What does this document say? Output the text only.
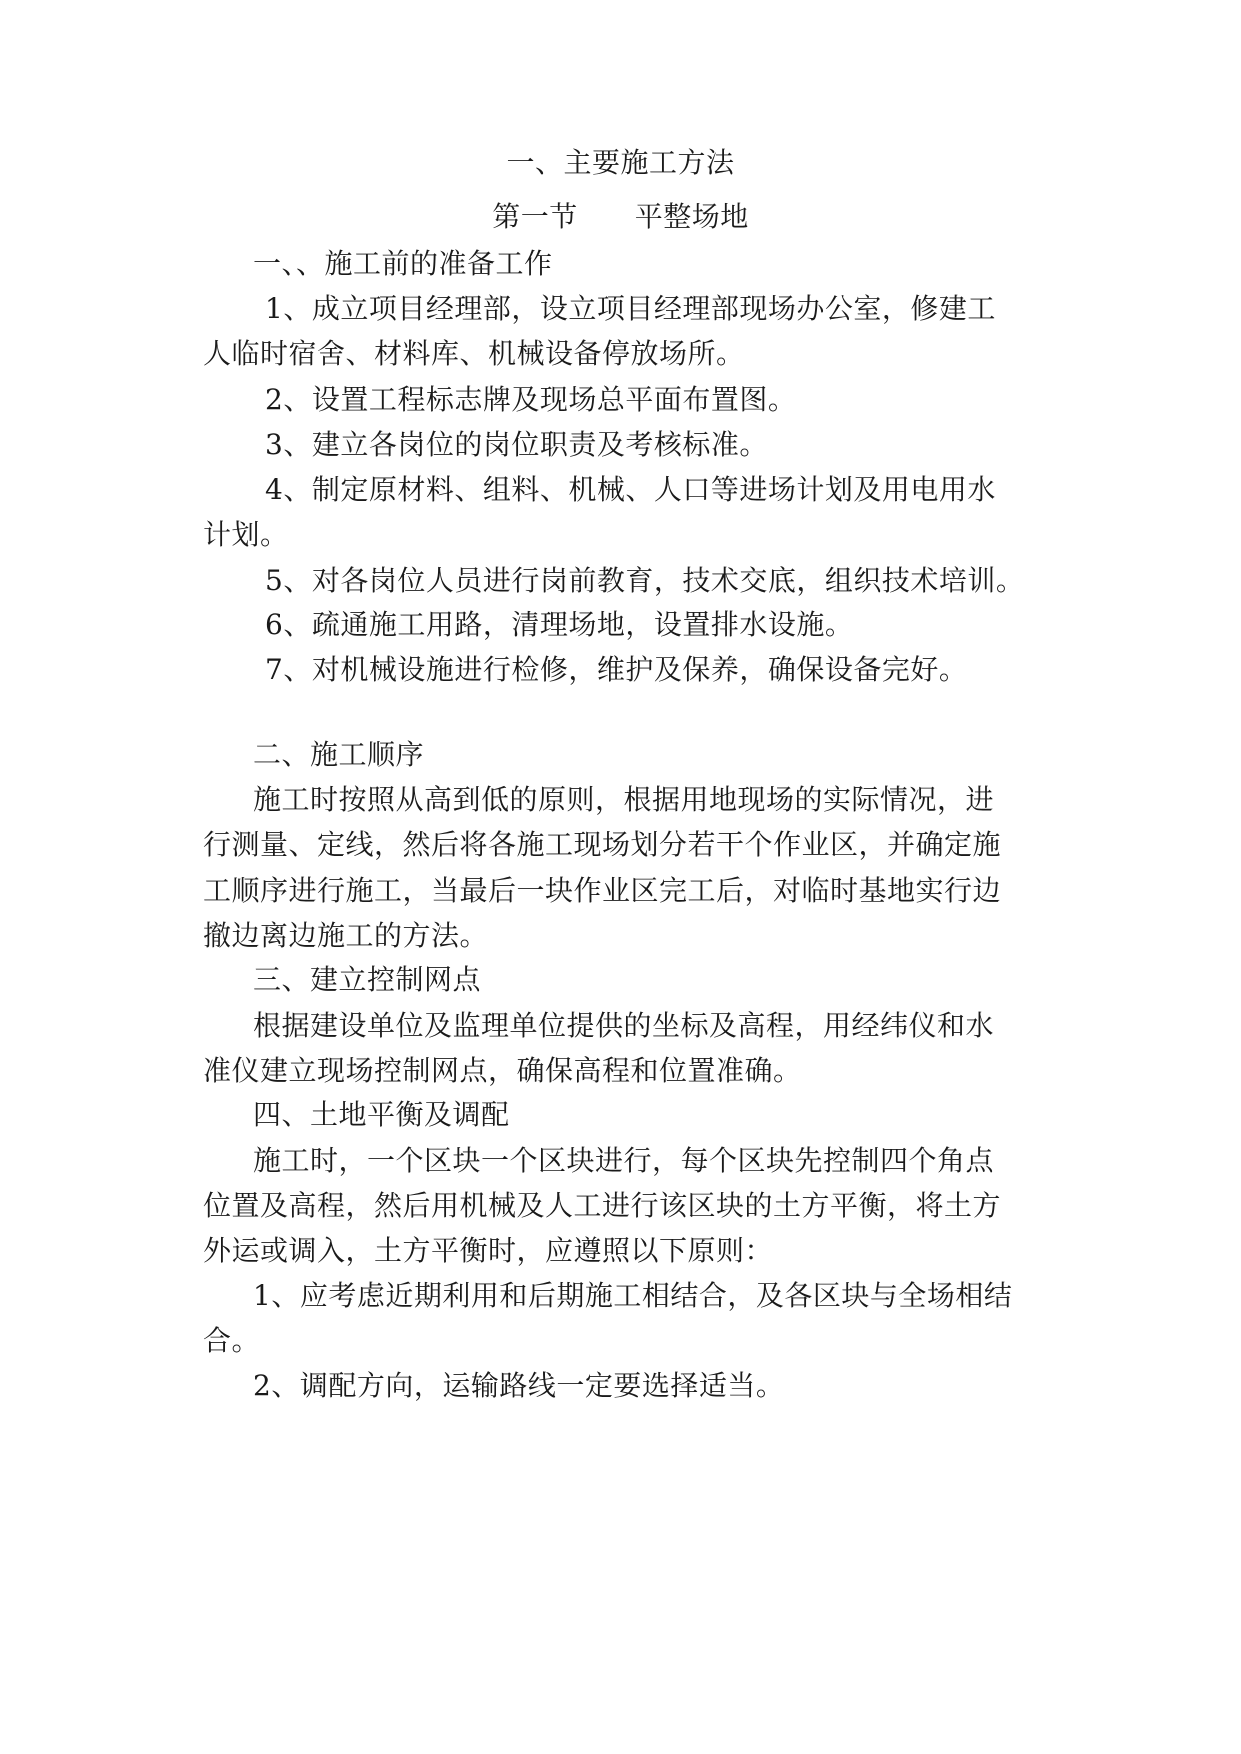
一、主要施工方法

第一节　　平整场地

一、、施工前的准备工作

1、成立项目经理部，设立项目经理部现场办公室，修建工

人临时宿舍、材料库、机械设备停放场所。

2、设置工程标志牌及现场总平面布置图。

3、建立各岗位的岗位职责及考核标准。

4、制定原材料、组料、机械、人口等进场计划及用电用水

计划。

5、对各岗位人员进行岗前教育，技术交底，组织技术培训。

6、疏通施工用路，清理场地，设置排水设施。

7、对机械设施进行检修，维护及保养，确保设备完好。

二、施工顺序

施工时按照从高到低的原则，根据用地现场的实际情况，进

行测量、定线，然后将各施工现场划分若干个作业区，并确定施

工顺序进行施工，当最后一块作业区完工后，对临时基地实行边

撤边离边施工的方法。

三、建立控制网点

根据建设单位及监理单位提供的坐标及高程，用经纬仪和水

准仪建立现场控制网点，确保高程和位置准确。

四、土地平衡及调配

施工时，一个区块一个区块进行，每个区块先控制四个角点

位置及高程，然后用机械及人工进行该区块的土方平衡，将土方

外运或调入，土方平衡时，应遵照以下原则：

1、应考虑近期利用和后期施工相结合，及各区块与全场相结

合。

2、调配方向，运输路线一定要选择适当。
